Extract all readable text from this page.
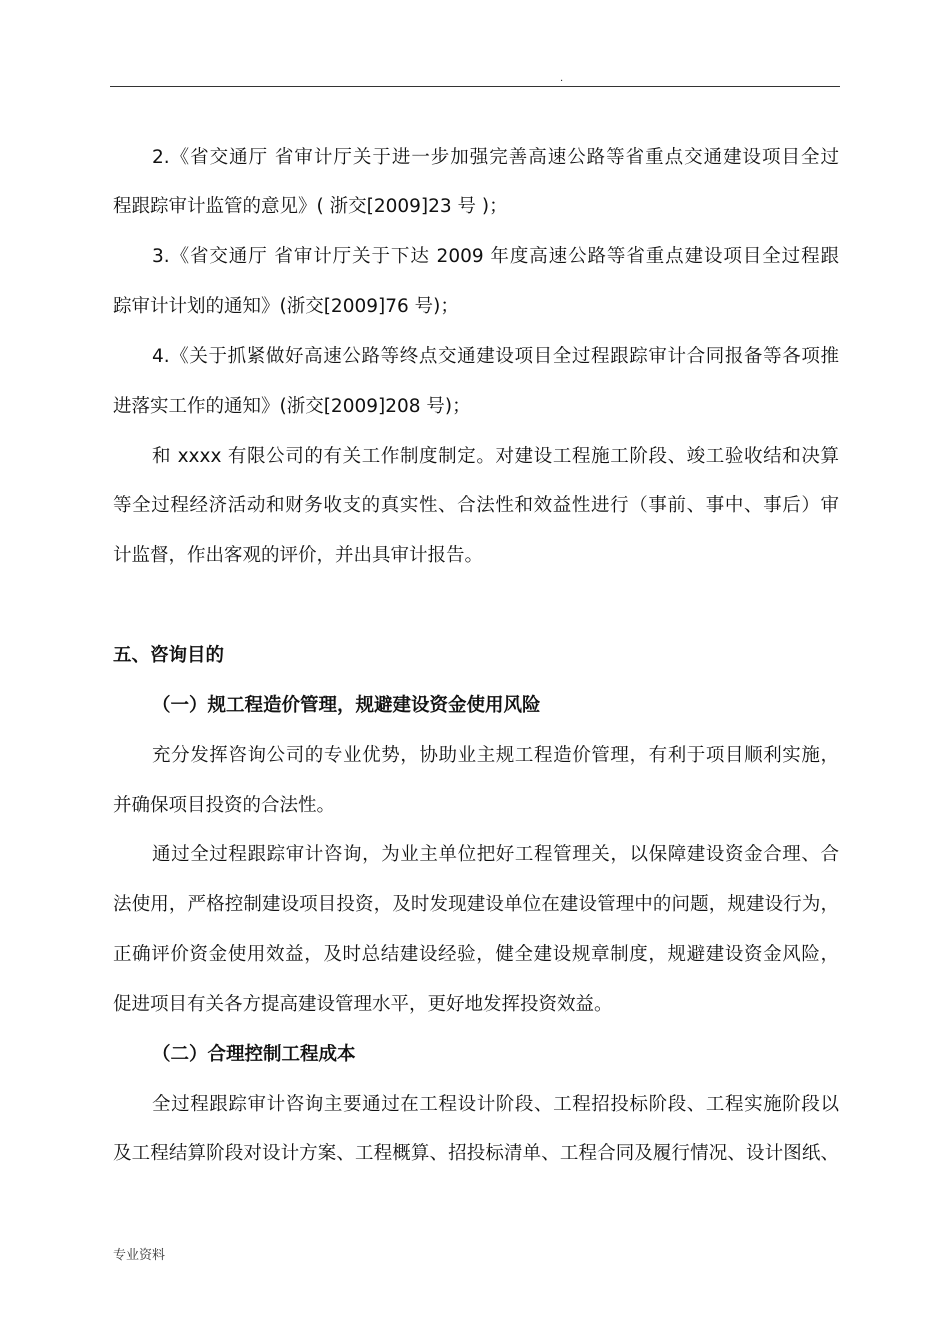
.
2.《省交通厅 省审计厅关于进一步加强完善高速公路等省重点交通建设项目全过
程跟踪审计监管的意见》( 浙交[2009]23 号 )；
3.《省交通厅 省审计厅关于下达 2009 年度高速公路等省重点建设项目全过程跟
踪审计计划的通知》(浙交[2009]76 号)；
4.《关于抓紧做好高速公路等终点交通建设项目全过程跟踪审计合同报备等各项推
进落实工作的通知》(浙交[2009]208 号)；
和 xxxx 有限公司的有关工作制度制定。对建设工程施工阶段、竣工验收结和决算
等全过程经济活动和财务收支的真实性、合法性和效益性进行（事前、事中、事后）审
计监督，作出客观的评价，并出具审计报告。
五、咨询目的
（一）规工程造价管理，规避建设资金使用风险
充分发挥咨询公司的专业优势，协助业主规工程造价管理，有利于项目顺利实施，
并确保项目投资的合法性。
通过全过程跟踪审计咨询，为业主单位把好工程管理关，以保障建设资金合理、合
法使用，严格控制建设项目投资，及时发现建设单位在建设管理中的问题，规建设行为，
正确评价资金使用效益，及时总结建设经验，健全建设规章制度，规避建设资金风险，
促进项目有关各方提高建设管理水平，更好地发挥投资效益。
（二）合理控制工程成本
全过程跟踪审计咨询主要通过在工程设计阶段、工程招投标阶段、工程实施阶段以
及工程结算阶段对设计方案、工程概算、招投标清单、工程合同及履行情况、设计图纸、
专业资料
